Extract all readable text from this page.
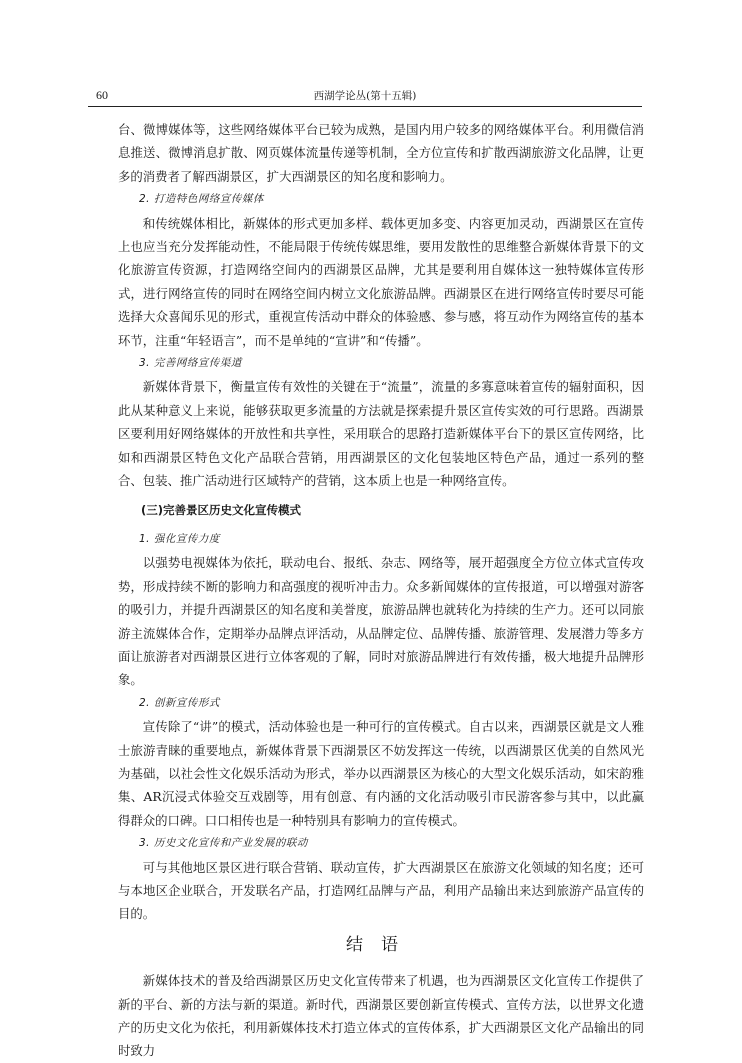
60	西湖学论丛(第十五辑)

台、微博媒体等，这些网络媒体平台已较为成熟，是国内用户较多的网络媒体平台。利用微信消息推送、微博消息扩散、网页媒体流量传递等机制，全方位宣传和扩散西湖旅游文化品牌，让更多的消费者了解西湖景区，扩大西湖景区的知名度和影响力。

2. 打造特色网络宣传媒体

和传统媒体相比，新媒体的形式更加多样、载体更加多变、内容更加灵动，西湖景区在宣传上也应当充分发挥能动性，不能局限于传统传媒思维，要用发散性的思维整合新媒体背景下的文化旅游宣传资源，打造网络空间内的西湖景区品牌，尤其是要利用自媒体这一独特媒体宣传形式，进行网络宣传的同时在网络空间内树立文化旅游品牌。西湖景区在进行网络宣传时要尽可能选择大众喜闻乐见的形式，重视宣传活动中群众的体验感、参与感，将互动作为网络宣传的基本环节，注重“年轻语言”，而不是单纯的“宣讲”和“传播”。

3. 完善网络宣传渠道

新媒体背景下，衡量宣传有效性的关键在于“流量”，流量的多寡意味着宣传的辐射面积，因此从某种意义上来说，能够获取更多流量的方法就是探索提升景区宣传实效的可行思路。西湖景区要利用好网络媒体的开放性和共享性，采用联合的思路打造新媒体平台下的景区宣传网络，比如和西湖景区特色文化产品联合营销，用西湖景区的文化包装地区特色产品，通过一系列的整合、包装、推广活动进行区域特产的营销，这本质上也是一种网络宣传。

(三)完善景区历史文化宣传模式

1. 强化宣传力度

以强势电视媒体为依托，联动电台、报纸、杂志、网络等，展开超强度全方位立体式宣传攻势，形成持续不断的影响力和高强度的视听冲击力。众多新闻媒体的宣传报道，可以增强对游客的吸引力，并提升西湖景区的知名度和美誉度，旅游品牌也就转化为持续的生产力。还可以同旅游主流媒体合作，定期举办品牌点评活动，从品牌定位、品牌传播、旅游管理、发展潜力等多方面让旅游者对西湖景区进行立体客观的了解，同时对旅游品牌进行有效传播，极大地提升品牌形象。

2. 创新宣传形式

宣传除了“讲”的模式，活动体验也是一种可行的宣传模式。自古以来，西湖景区就是文人雅士旅游青睐的重要地点，新媒体背景下西湖景区不妨发挥这一传统，以西湖景区优美的自然风光为基础，以社会性文化娱乐活动为形式，举办以西湖景区为核心的大型文化娱乐活动，如宋韵雅集、AR沉浸式体验交互戏剧等，用有创意、有内涵的文化活动吸引市民游客参与其中，以此赢得群众的口碑。口口相传也是一种特别具有影响力的宣传模式。

3. 历史文化宣传和产业发展的联动

可与其他地区景区进行联合营销、联动宣传，扩大西湖景区在旅游文化领域的知名度；还可与本地区企业联合，开发联名产品，打造网红品牌与产品，利用产品输出来达到旅游产品宣传的目的。

结语

新媒体技术的普及给西湖景区历史文化宣传带来了机遇，也为西湖景区文化宣传工作提供了新的平台、新的方法与新的渠道。新时代，西湖景区要创新宣传模式、宣传方法，以世界文化遗产的历史文化为依托，利用新媒体技术打造立体式的宣传体系，扩大西湖景区文化产品输出的同时致力
